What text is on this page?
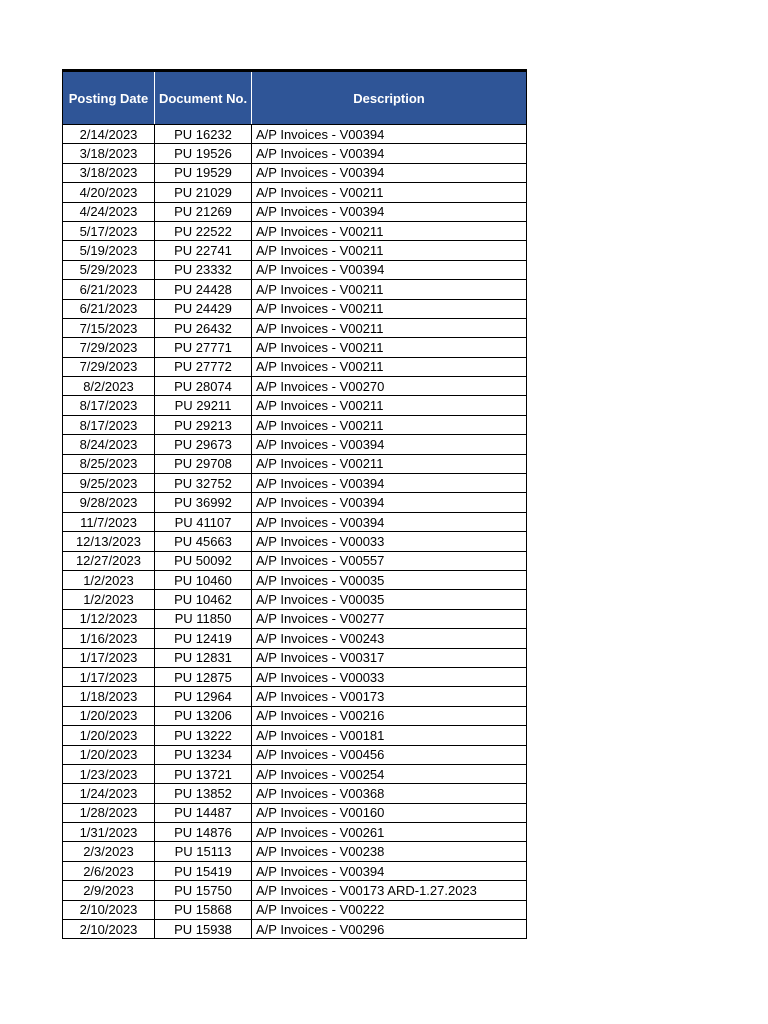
Posting Date	Document No.	Description
2/14/2023	PU 16232	A/P Invoices - V00394
3/18/2023	PU 19526	A/P Invoices - V00394
3/18/2023	PU 19529	A/P Invoices - V00394
4/20/2023	PU 21029	A/P Invoices - V00211
4/24/2023	PU 21269	A/P Invoices - V00394
5/17/2023	PU 22522	A/P Invoices - V00211
5/19/2023	PU 22741	A/P Invoices - V00211
5/29/2023	PU 23332	A/P Invoices - V00394
6/21/2023	PU 24428	A/P Invoices - V00211
6/21/2023	PU 24429	A/P Invoices - V00211
7/15/2023	PU 26432	A/P Invoices - V00211
7/29/2023	PU 27771	A/P Invoices - V00211
7/29/2023	PU 27772	A/P Invoices - V00211
8/2/2023	PU 28074	A/P Invoices - V00270
8/17/2023	PU 29211	A/P Invoices - V00211
8/17/2023	PU 29213	A/P Invoices - V00211
8/24/2023	PU 29673	A/P Invoices - V00394
8/25/2023	PU 29708	A/P Invoices - V00211
9/25/2023	PU 32752	A/P Invoices - V00394
9/28/2023	PU 36992	A/P Invoices - V00394
11/7/2023	PU 41107	A/P Invoices - V00394
12/13/2023	PU 45663	A/P Invoices - V00033
12/27/2023	PU 50092	A/P Invoices - V00557
1/2/2023	PU 10460	A/P Invoices - V00035
1/2/2023	PU 10462	A/P Invoices - V00035
1/12/2023	PU 11850	A/P Invoices - V00277
1/16/2023	PU 12419	A/P Invoices - V00243
1/17/2023	PU 12831	A/P Invoices - V00317
1/17/2023	PU 12875	A/P Invoices - V00033
1/18/2023	PU 12964	A/P Invoices - V00173
1/20/2023	PU 13206	A/P Invoices - V00216
1/20/2023	PU 13222	A/P Invoices - V00181
1/20/2023	PU 13234	A/P Invoices - V00456
1/23/2023	PU 13721	A/P Invoices - V00254
1/24/2023	PU 13852	A/P Invoices - V00368
1/28/2023	PU 14487	A/P Invoices - V00160
1/31/2023	PU 14876	A/P Invoices - V00261
2/3/2023	PU 15113	A/P Invoices - V00238
2/6/2023	PU 15419	A/P Invoices - V00394
2/9/2023	PU 15750	A/P Invoices - V00173 ARD-1.27.2023
2/10/2023	PU 15868	A/P Invoices - V00222
2/10/2023	PU 15938	A/P Invoices - V00296
